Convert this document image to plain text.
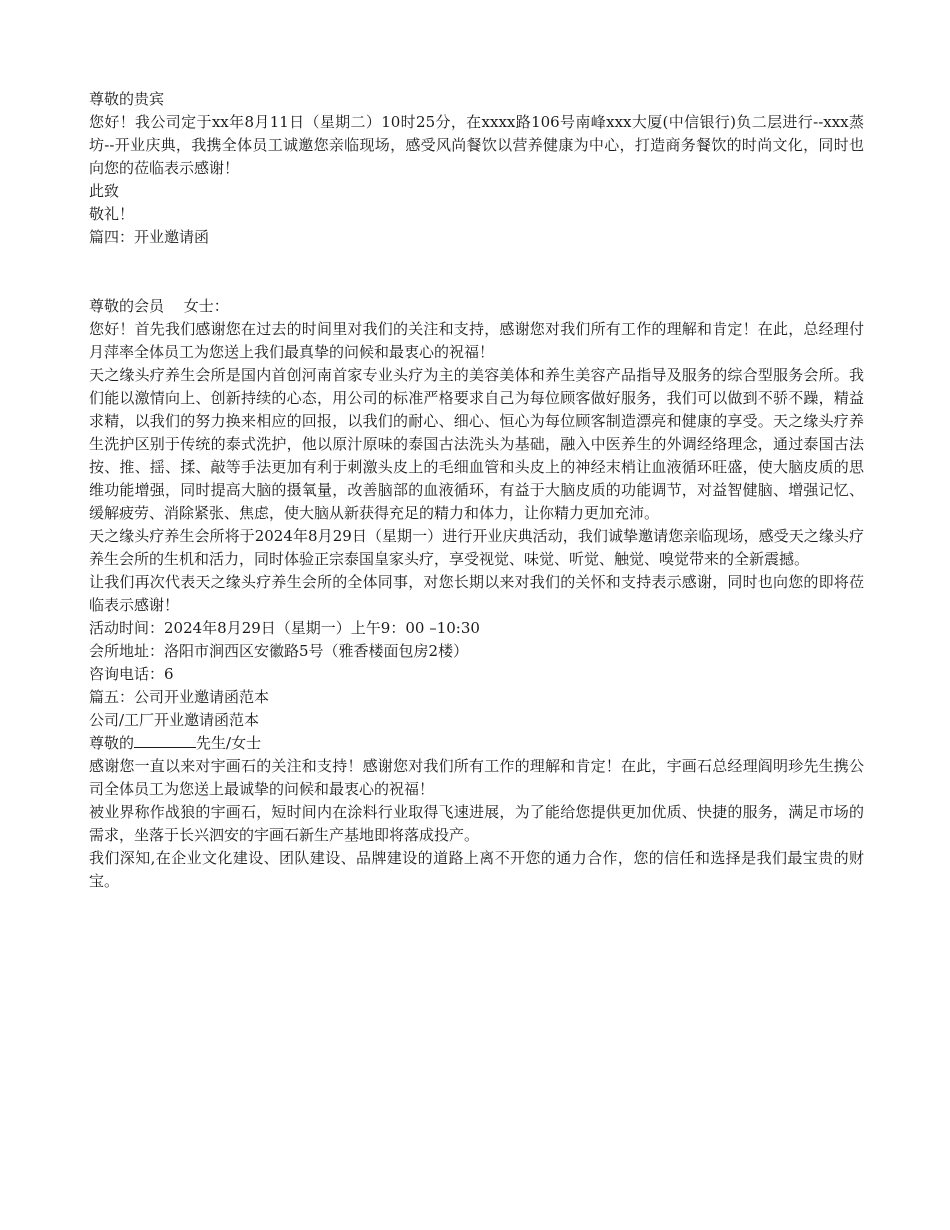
尊敬的贵宾

您好！我公司定于xx年8月11日（星期二）10时25分，在xxxx路106号南峰xxx大厦(中信银行)负二层进行--xxx蒸坊--开业庆典，我携全体员工诚邀您亲临现场，感受风尚餐饮以营养健康为中心，打造商务餐饮的时尚文化，同时也向您的莅临表示感谢！

此致

敬礼！

篇四：开业邀请函

尊敬的会员　 女士：

您好！首先我们感谢您在过去的时间里对我们的关注和支持，感谢您对我们所有工作的理解和肯定！在此，总经理付月萍率全体员工为您送上我们最真挚的问候和最衷心的祝福！

天之缘头疗养生会所是国内首创河南首家专业头疗为主的美容美体和养生美容产品指导及服务的综合型服务会所。我们能以激情向上、创新持续的心态，用公司的标准严格要求自己为每位顾客做好服务，我们可以做到不骄不躁，精益求精，以我们的努力换来相应的回报，以我们的耐心、细心、恒心为每位顾客制造漂亮和健康的享受。天之缘头疗养生洗护区别于传统的泰式洗护，他以原汁原味的泰国古法洗头为基础，融入中医养生的外调经络理念，通过泰国古法按、推、揺、揉、敲等手法更加有利于刺激头皮上的毛细血管和头皮上的神经末梢让血液循环旺盛，使大脑皮质的思维功能增强，同时提高大脑的摄氧量，改善脑部的血液循环，有益于大脑皮质的功能调节，对益智健脑、增强记忆、缓解疲劳、消除紧张、焦虑，使大脑从新获得充足的精力和体力，让你精力更加充沛。

天之缘头疗养生会所将于2024年8月29日（星期一）进行开业庆典活动，我们诚挚邀请您亲临现场，感受天之缘头疗养生会所的生机和活力，同时体验正宗泰国皇家头疗，享受视觉、味觉、听觉、触觉、嗅觉带来的全新震撼。

让我们再次代表天之缘头疗养生会所的全体同事，对您长期以来对我们的关怀和支持表示感谢，同时也向您的即将莅临表示感谢！

活动时间：2024年8月29日（星期一）上午9：00 –10:30

会所地址：洛阳市涧西区安徽路5号（雅香楼面包房2楼）

咨询电话：6

篇五：公司开业邀请函范本

公司/工厂开业邀请函范本

尊敬的	先生/女士

感谢您一直以来对宇画石的关注和支持！感谢您对我们所有工作的理解和肯定！在此，宇画石总经理阎明珍先生携公司全体员工为您送上最诚挚的问候和最衷心的祝福！

被业界称作战狼的宇画石，短时间内在涂料行业取得飞速进展，为了能给您提供更加优质、快捷的服务，满足市场的需求，坐落于长兴泗安的宇画石新生产基地即将落成投产。

我们深知,在企业文化建设、团队建设、品牌建设的道路上离不开您的通力合作，您的信任和选择是我们最宝贵的财宝。
